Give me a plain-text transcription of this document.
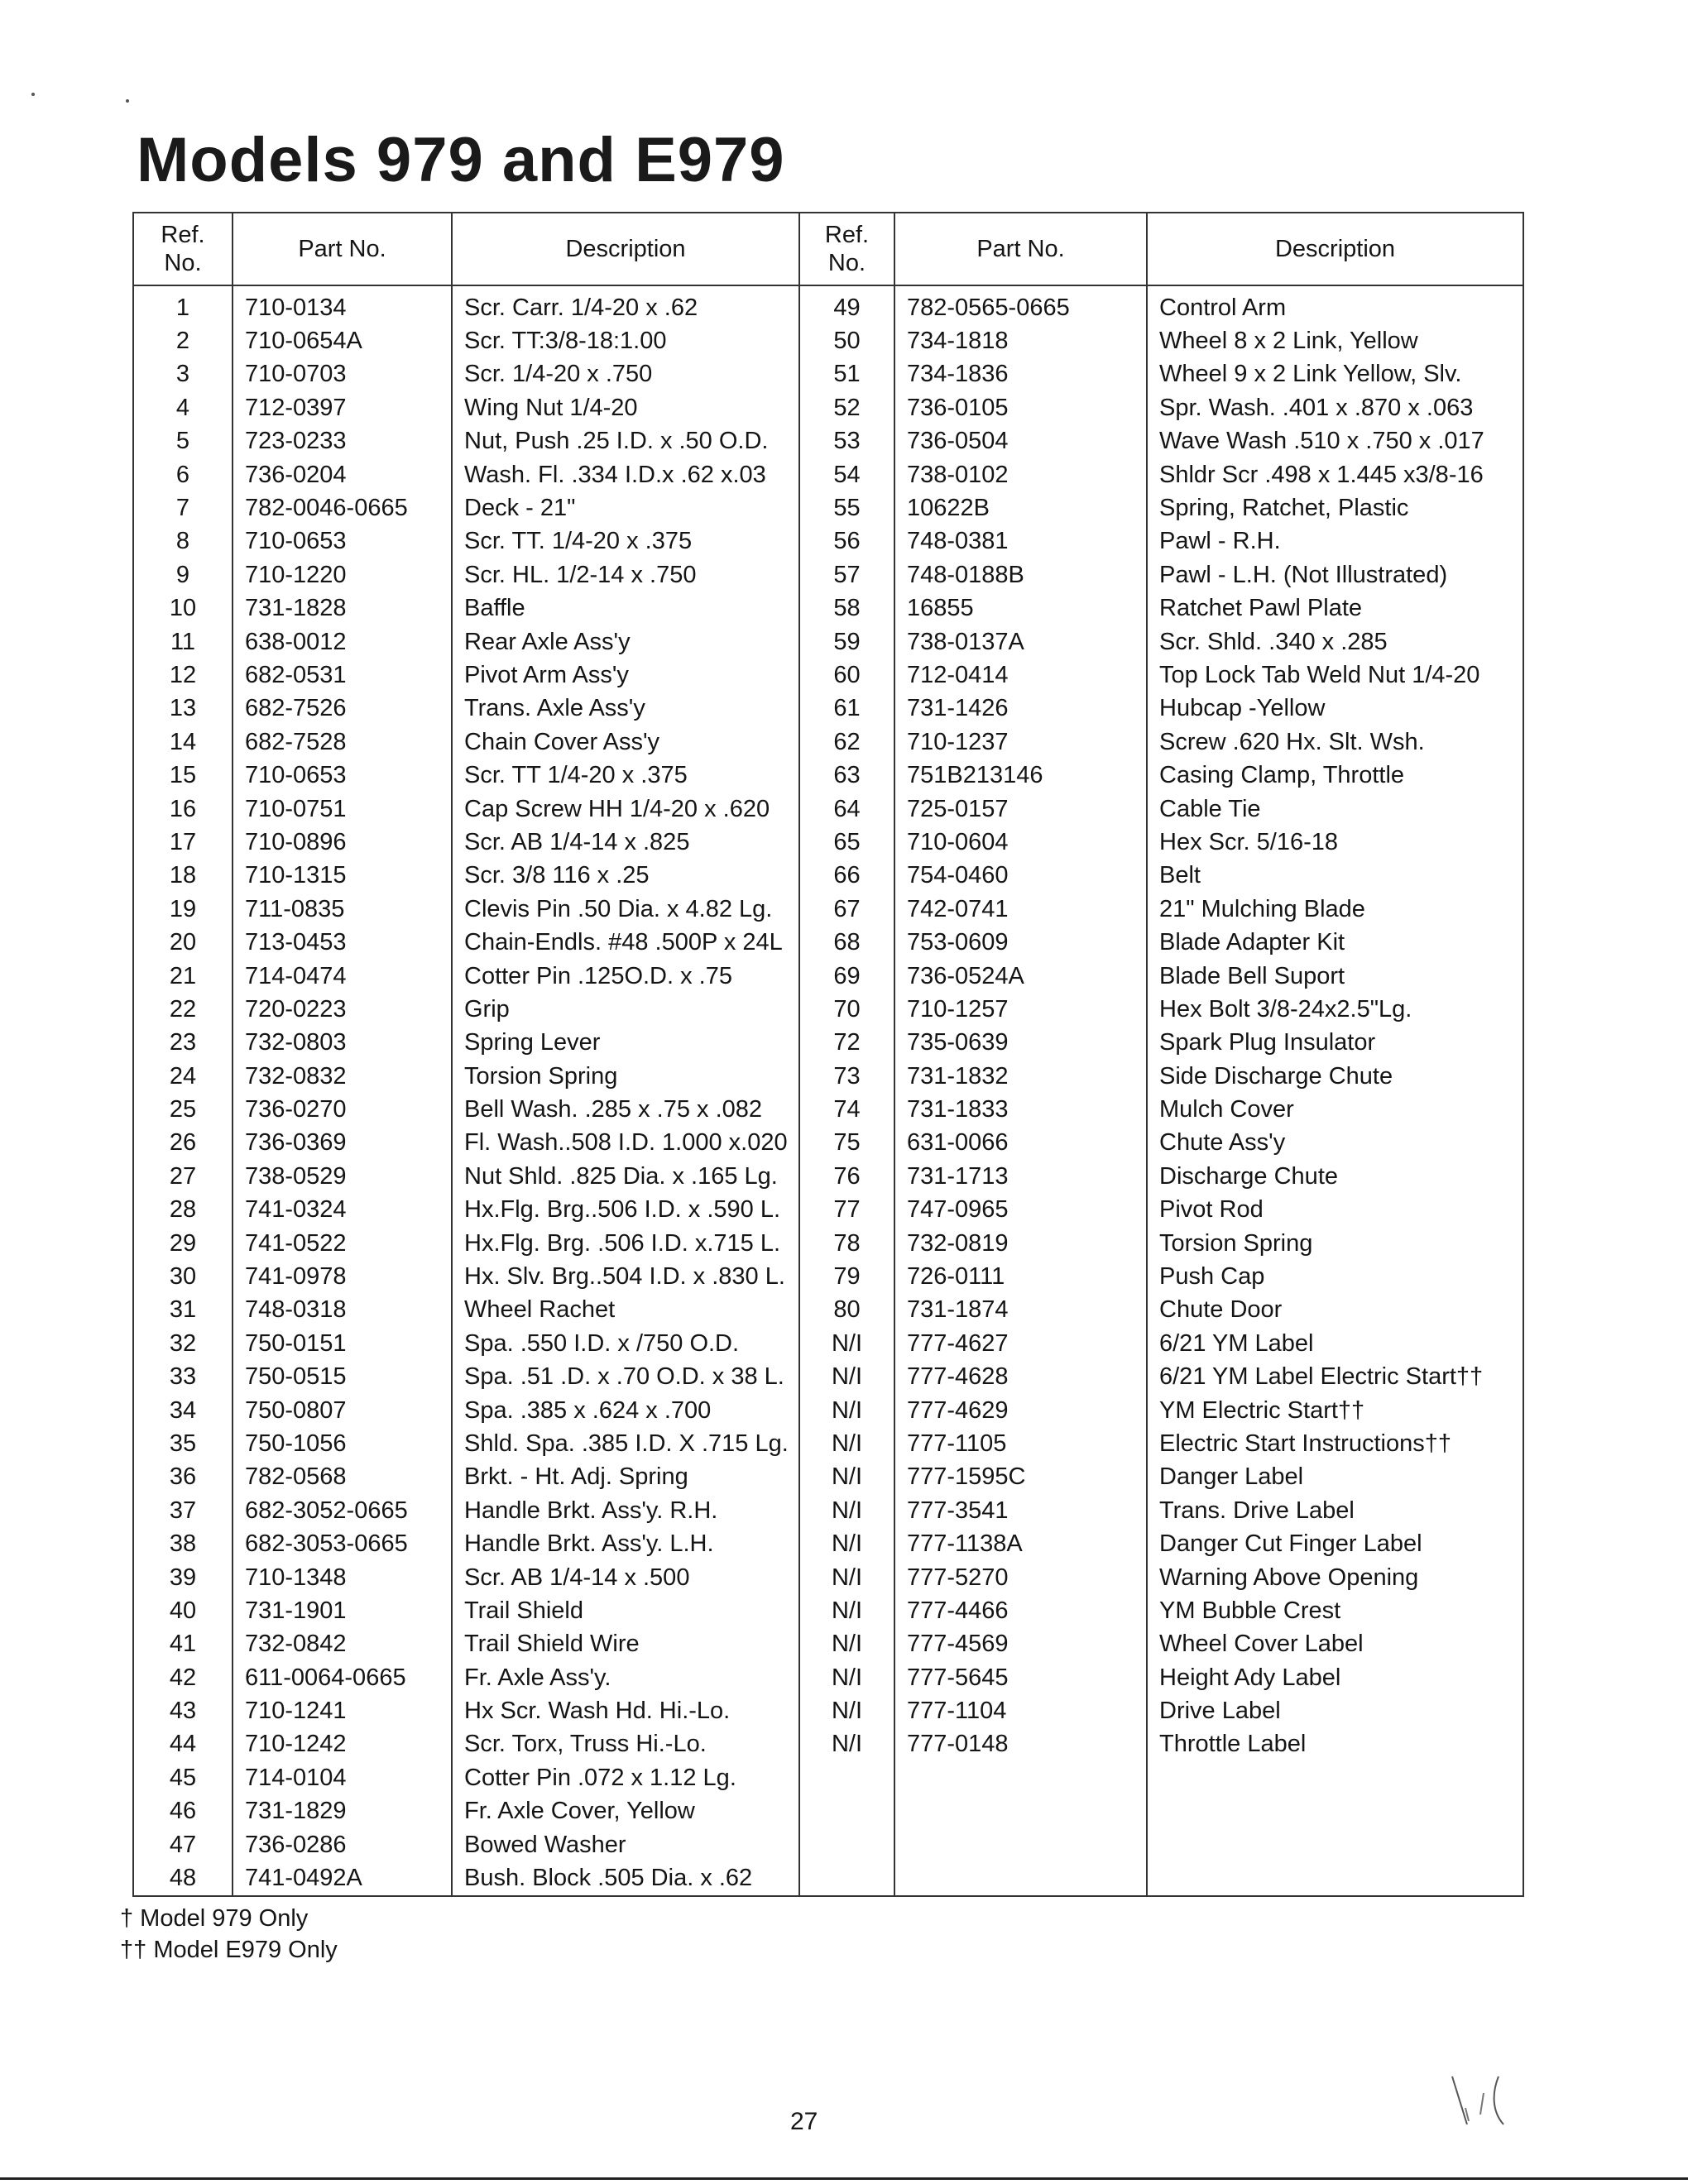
Models 979 and E979
Ref. No.	Part No.	Description	Ref. No.	Part No.	Description
1	710-0134	Scr. Carr. 1/4-20 x .62	49	782-0565-0665	Control Arm
2	710-0654A	Scr. TT:3/8-18:1.00	50	734-1818	Wheel 8 x 2 Link, Yellow
3	710-0703	Scr. 1/4-20 x .750	51	734-1836	Wheel 9 x 2 Link Yellow, Slv.
4	712-0397	Wing Nut 1/4-20	52	736-0105	Spr. Wash. .401 x .870 x .063
5	723-0233	Nut, Push .25 I.D. x .50 O.D.	53	736-0504	Wave Wash .510 x .750 x .017
6	736-0204	Wash. Fl. .334 I.D.x .62 x.03	54	738-0102	Shldr Scr .498 x 1.445 x3/8-16
7	782-0046-0665	Deck - 21"	55	10622B	Spring, Ratchet, Plastic
8	710-0653	Scr. TT. 1/4-20 x .375	56	748-0381	Pawl - R.H.
9	710-1220	Scr. HL. 1/2-14 x .750	57	748-0188B	Pawl - L.H. (Not Illustrated)
10	731-1828	Baffle	58	16855	Ratchet Pawl Plate
11	638-0012	Rear Axle Ass'y	59	738-0137A	Scr. Shld. .340 x .285
12	682-0531	Pivot Arm Ass'y	60	712-0414	Top Lock Tab Weld Nut 1/4-20
13	682-7526	Trans. Axle Ass'y	61	731-1426	Hubcap -Yellow
14	682-7528	Chain Cover Ass'y	62	710-1237	Screw .620 Hx. Slt. Wsh.
15	710-0653	Scr. TT 1/4-20 x .375	63	751B213146	Casing Clamp, Throttle
16	710-0751	Cap Screw HH 1/4-20 x .620	64	725-0157	Cable Tie
17	710-0896	Scr. AB 1/4-14 x .825	65	710-0604	Hex Scr. 5/16-18
18	710-1315	Scr. 3/8 116 x .25	66	754-0460	Belt
19	711-0835	Clevis Pin .50 Dia. x 4.82 Lg.	67	742-0741	21" Mulching Blade
20	713-0453	Chain-Endls. #48 .500P x 24L	68	753-0609	Blade Adapter Kit
21	714-0474	Cotter Pin .125O.D. x .75	69	736-0524A	Blade Bell Suport
22	720-0223	Grip	70	710-1257	Hex Bolt 3/8-24x2.5"Lg.
23	732-0803	Spring Lever	72	735-0639	Spark Plug Insulator
24	732-0832	Torsion Spring	73	731-1832	Side Discharge Chute
25	736-0270	Bell Wash. .285 x .75 x .082	74	731-1833	Mulch Cover
26	736-0369	Fl. Wash..508 I.D. 1.000 x.020	75	631-0066	Chute Ass'y
27	738-0529	Nut Shld. .825 Dia. x .165 Lg.	76	731-1713	Discharge Chute
28	741-0324	Hx.Flg. Brg..506 I.D. x .590 L.	77	747-0965	Pivot Rod
29	741-0522	Hx.Flg. Brg. .506 I.D. x.715 L.	78	732-0819	Torsion Spring
30	741-0978	Hx. Slv. Brg..504 I.D. x .830 L.	79	726-0111	Push Cap
31	748-0318	Wheel Rachet	80	731-1874	Chute Door
32	750-0151	Spa. .550 I.D. x /750 O.D.	N/I	777-4627	6/21 YM Label
33	750-0515	Spa. .51 .D. x .70 O.D. x 38 L.	N/I	777-4628	6/21 YM Label Electric Start††
34	750-0807	Spa. .385 x .624 x .700	N/I	777-4629	YM Electric Start††
35	750-1056	Shld. Spa. .385 I.D. X .715 Lg.	N/I	777-1105	Electric Start Instructions††
36	782-0568	Brkt. - Ht. Adj. Spring	N/I	777-1595C	Danger Label
37	682-3052-0665	Handle Brkt. Ass'y. R.H.	N/I	777-3541	Trans. Drive Label
38	682-3053-0665	Handle Brkt. Ass'y. L.H.	N/I	777-1138A	Danger Cut Finger Label
39	710-1348	Scr. AB 1/4-14 x .500	N/I	777-5270	Warning Above Opening
40	731-1901	Trail Shield	N/I	777-4466	YM Bubble Crest
41	732-0842	Trail Shield Wire	N/I	777-4569	Wheel Cover Label
42	611-0064-0665	Fr. Axle Ass'y.	N/I	777-5645	Height Ady Label
43	710-1241	Hx Scr. Wash Hd. Hi.-Lo.	N/I	777-1104	Drive Label
44	710-1242	Scr. Torx, Truss Hi.-Lo.	N/I	777-0148	Throttle Label
45	714-0104	Cotter Pin .072 x 1.12 Lg.			
46	731-1829	Fr. Axle Cover, Yellow			
47	736-0286	Bowed Washer			
48	741-0492A	Bush. Block .505 Dia. x .62			

† Model 979 Only

†† Model E979 Only

27
